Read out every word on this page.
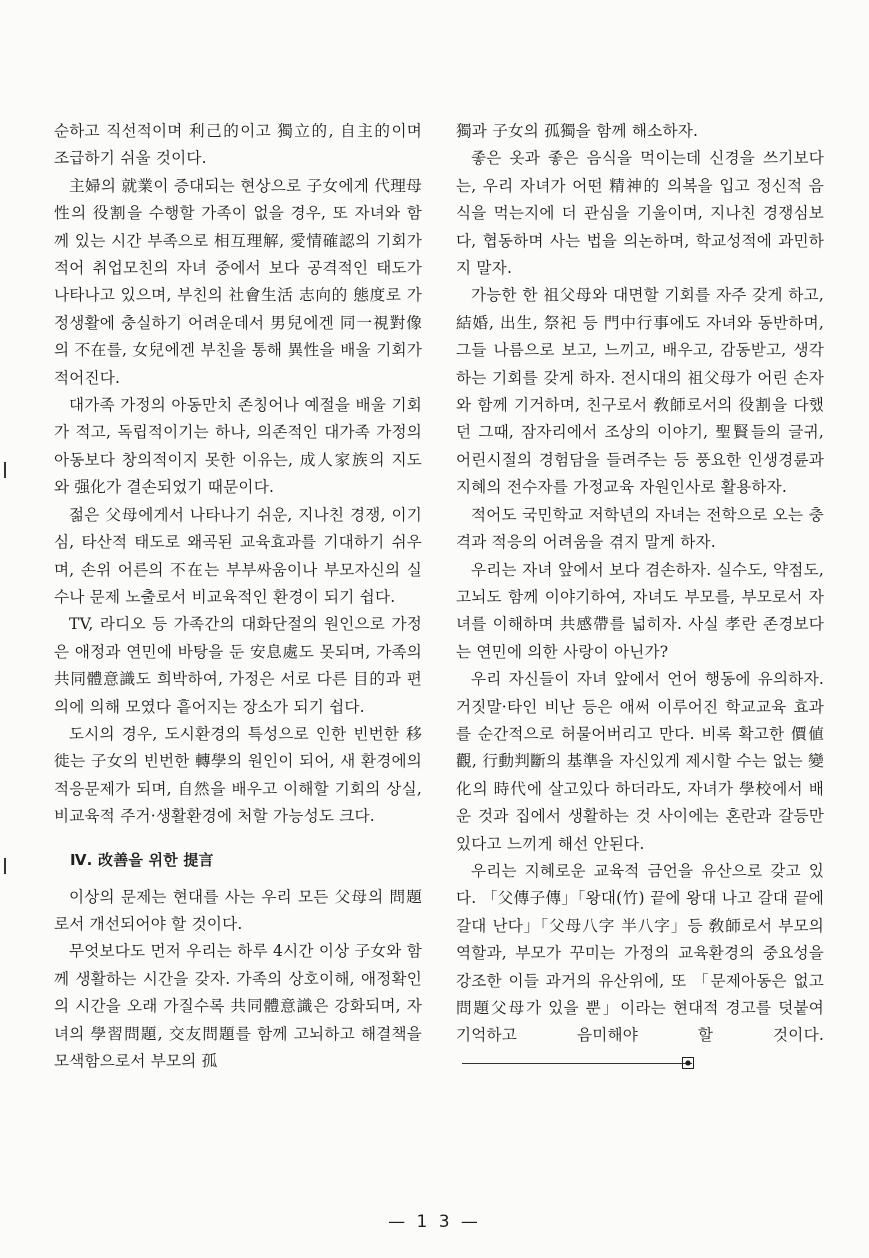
순하고 직선적이며 利己的이고 獨立的, 自主的이며 조급하기 쉬울 것이다.

主婦의 就業이 증대되는 현상으로 子女에게 代理母性의 役割을 수행할 가족이 없을 경우, 또 자녀와 함께 있는 시간 부족으로 相互理解, 愛情確認의 기회가 적어 취업모친의 자녀 중에서 보다 공격적인 태도가 나타나고 있으며, 부친의 社會生活 志向的 態度로 가정생활에 충실하기 어려운데서 男兒에겐 同一視對像의 不在를, 女兒에겐 부친을 통해 異性을 배울 기회가 적어진다.

대가족 가정의 아동만치 존칭어나 예절을 배울 기회가 적고, 독립적이기는 하나, 의존적인 대가족 가정의 아동보다 창의적이지 못한 이유는, 成人家族의 지도와 强化가 결손되었기 때문이다.

젊은 父母에게서 나타나기 쉬운, 지나친 경쟁, 이기심, 타산적 태도로 왜곡된 교육효과를 기대하기 쉬우며, 손위 어른의 不在는 부부싸움이나 부모자신의 실수나 문제 노출로서 비교육적인 환경이 되기 쉽다.

TV, 라디오 등 가족간의 대화단절의 원인으로 가정은 애정과 연민에 바탕을 둔 安息處도 못되며, 가족의 共同體意識도 희박하여, 가정은 서로 다른 目的과 편의에 의해 모였다 흩어지는 장소가 되기 쉽다.

도시의 경우, 도시환경의 특성으로 인한 빈번한 移徙는 子女의 빈번한 轉學의 원인이 되어, 새 환경에의 적응문제가 되며, 自然을 배우고 이해할 기회의 상실, 비교육적 주거·생활환경에 처할 가능성도 크다.

Ⅳ. 改善을 위한 提言

이상의 문제는 현대를 사는 우리 모든 父母의 問題로서 개선되어야 할 것이다.

무엇보다도 먼저 우리는 하루 4시간 이상 子女와 함께 생활하는 시간을 갖자. 가족의 상호이해, 애정확인의 시간을 오래 가질수록 共同體意識은 강화되며, 자녀의 學習問題, 交友問題를 함께 고뇌하고 해결책을 모색함으로서 부모의 孤

獨과 子女의 孤獨을 함께 해소하자.

좋은 옷과 좋은 음식을 먹이는데 신경을 쓰기보다는, 우리 자녀가 어떤 精神的 의복을 입고 정신적 음식을 먹는지에 더 관심을 기울이며, 지나친 경쟁심보다, 협동하며 사는 법을 의논하며, 학교성적에 과민하지 말자.

가능한 한 祖父母와 대면할 기회를 자주 갖게 하고, 結婚, 出生, 祭祀 등 門中行事에도 자녀와 동반하며, 그들 나름으로 보고, 느끼고, 배우고, 감동받고, 생각하는 기회를 갖게 하자. 전시대의 祖父母가 어린 손자와 함께 기거하며, 친구로서 敎師로서의 役割을 다했던 그때, 잠자리에서 조상의 이야기, 聖賢들의 글귀, 어린시절의 경험담을 들려주는 등 풍요한 인생경륜과 지혜의 전수자를 가정교육 자원인사로 활용하자.

적어도 국민학교 저학년의 자녀는 전학으로 오는 충격과 적응의 어려움을 겪지 말게 하자.

우리는 자녀 앞에서 보다 겸손하자. 실수도, 약점도, 고뇌도 함께 이야기하여, 자녀도 부모를, 부모로서 자녀를 이해하며 共感帶를 넓히자. 사실 孝란 존경보다는 연민에 의한 사랑이 아닌가?

우리 자신들이 자녀 앞에서 언어 행동에 유의하자. 거짓말·타인 비난 등은 애써 이루어진 학교교육 효과를 순간적으로 허물어버리고 만다. 비록 확고한 價値觀, 行動判斷의 基準을 자신있게 제시할 수는 없는 變化의 時代에 살고있다 하더라도, 자녀가 學校에서 배운 것과 집에서 생활하는 것 사이에는 혼란과 갈등만 있다고 느끼게 해선 안된다.

우리는 지혜로운 교육적 금언을 유산으로 갖고 있다. 「父傳子傳」「왕대(竹) 끝에 왕대 나고 갈대 끝에 갈대 난다」「父母八字 半八字」등 敎師로서 부모의 역할과, 부모가 꾸미는 가정의 교육환경의 중요성을 강조한 이들 과거의 유산위에, 또 「문제아동은 없고 問題父母가 있을 뿐」이라는 현대적 경고를 덧붙여 기억하고 음미해야 할 것이다.

— 1 3 —
